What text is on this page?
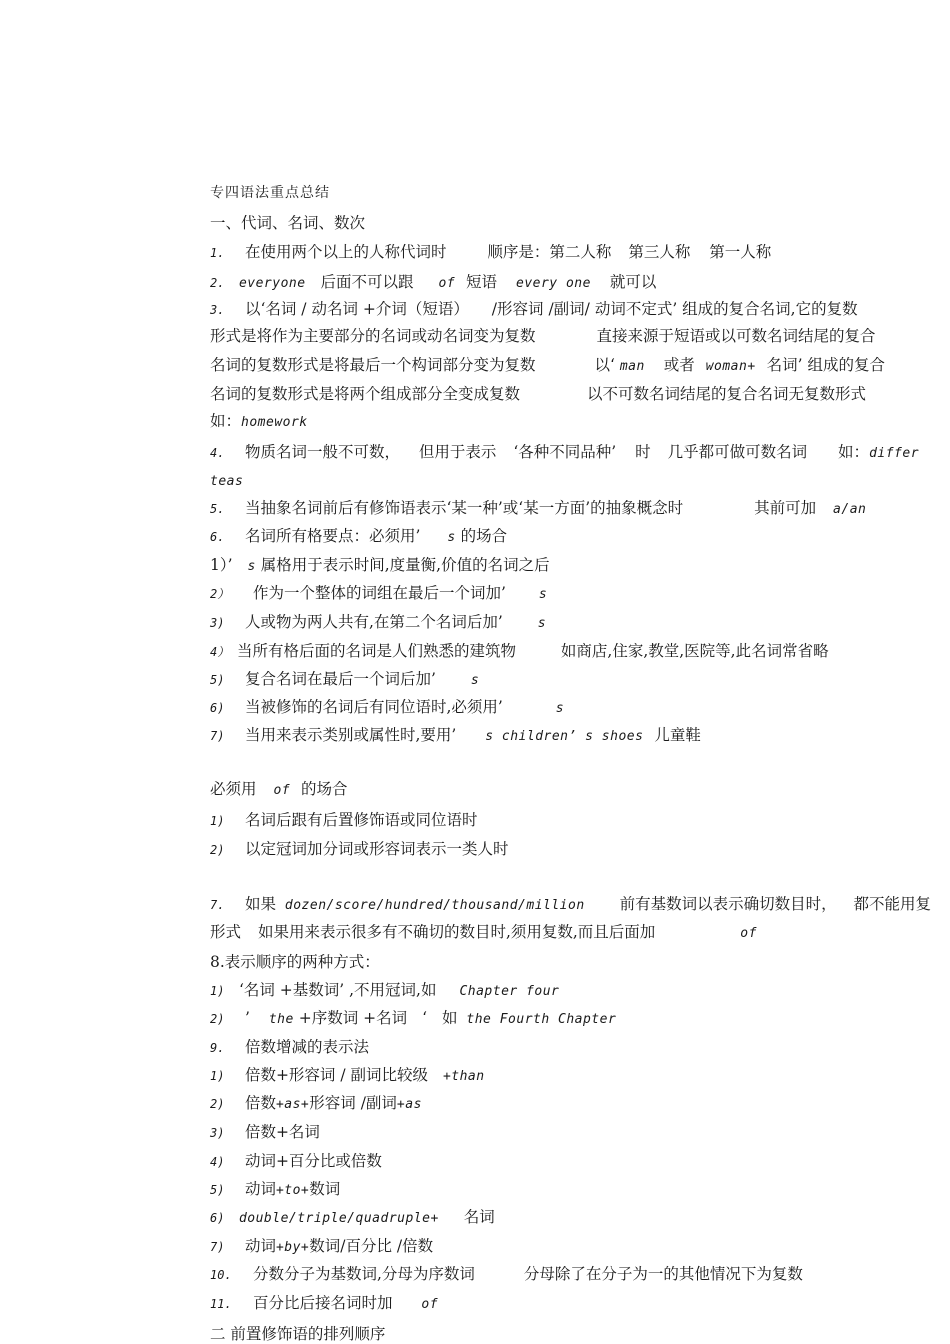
专四语法重点总结
一、代词、名词、数次
1. 在使用两个以上的人称代词时	顺序是：第二人称 第三人称 第一人称
2. everyone 后面不可以跟 of 短语 every one 就可以
3. 以‘名词 / 动名词 +介词（短语） /形容词 /副词/ 动词不定式’ 组成的复合名词,它的复数
形式是将作为主要部分的名词或动名词变为复数	直接来源于短语或以可数名词结尾的复合
名词的复数形式是将最后一个构词部分变为复数	以‘ man 或者 woman+ 名词’ 组成的复合
名词的复数形式是将两个组成部分全变成复数	以不可数名词结尾的复合名词无复数形式
如：homework
4. 物质名词一般不可数， 但用于表示 ‘各种不同品种’ 时 几乎都可做可数名词 如：differ
teas
5. 当抽象名词前后有修饰语表示‘某一种’或‘某一方面’的抽象概念时	其前可加 a/an
6. 名词所有格要点：必须用’ s 的场合
1）’ s 属格用于表示时间,度量衡,价值的名词之后
2） 作为一个整体的词组在最后一个词加’	s
3) 人或物为两人共有,在第二个名词后加’	s
4） 当所有格后面的名词是人们熟悉的建筑物	如商店,住家,教堂,医院等,此名词常省略
5) 复合名词在最后一个词后加’	s
6) 当被修饰的名词后有同位语时,必须用’	s
7) 当用来表示类别或属性时,要用’ s children’ s shoes 儿童鞋
必须用 of 的场合
1) 名词后跟有后置修饰语或同位语时
2) 以定冠词加分词或形容词表示一类人时
7. 如果 dozen/score/hundred/thousand/million 前有基数词以表示确切数目时， 都不能用复
形式 如果用来表示很多有不确切的数目时,须用复数,而且后面加	of
8.表示顺序的两种方式：
1) ‘名词 +基数词’ ,不用冠词,如 Chapter four
2) ’ the +序数词 +名词 ‘ 如 the Fourth Chapter
9. 倍数增减的表示法
1) 倍数+形容词 / 副词比较级 +than
2) 倍数+as+形容词 /副词+as
3) 倍数+名词
4) 动词+百分比或倍数
5) 动词+to+数词
6) double/triple/quadruple+ 名词
7) 动词+by+数词/百分比 /倍数
10. 分数分子为基数词,分母为序数词	分母除了在分子为一的其他情况下为复数
11. 百分比后接名词时加 of
二 前置修饰语的排列顺序
